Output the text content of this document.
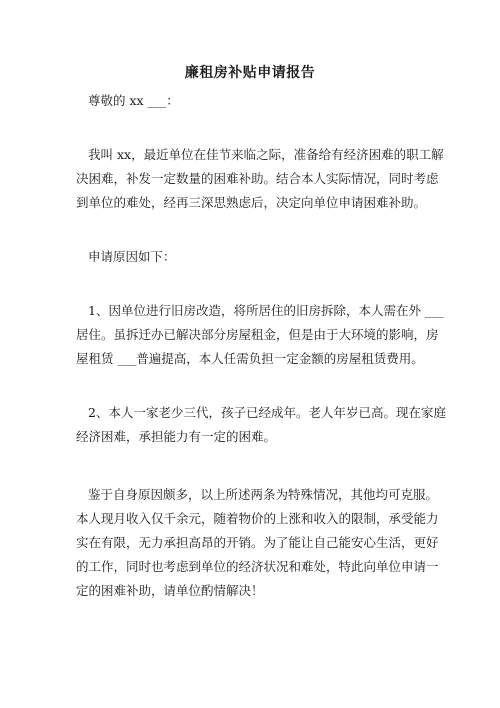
廉租房补贴申请报告
尊敬的 xx ___：
我叫 xx，最近单位在佳节来临之际，准备给有经济困难的职工解
决困难，补发一定数量的困难补助。结合本人实际情况，同时考虑
到单位的难处，经再三深思熟虑后，决定向单位申请困难补助。
申请原因如下：
1、因单位进行旧房改造，将所居住的旧房拆除，本人需在外 ___
居住。虽拆迁办已解决部分房屋租金，但是由于大环境的影响，房
屋租赁 ___普遍提高，本人任需负担一定金额的房屋租赁费用。
2、本人一家老少三代，孩子已经成年。老人年岁已高。现在家庭
经济困难，承担能力有一定的困难。
鉴于自身原因颇多，以上所述两条为特殊情况，其他均可克服。
本人现月收入仅千余元，随着物价的上涨和收入的限制，承受能力
实在有限，无力承担高昂的开销。为了能让自己能安心生活，更好
的工作，同时也考虑到单位的经济状况和难处，特此向单位申请一
定的困难补助，请单位酌情解决！
